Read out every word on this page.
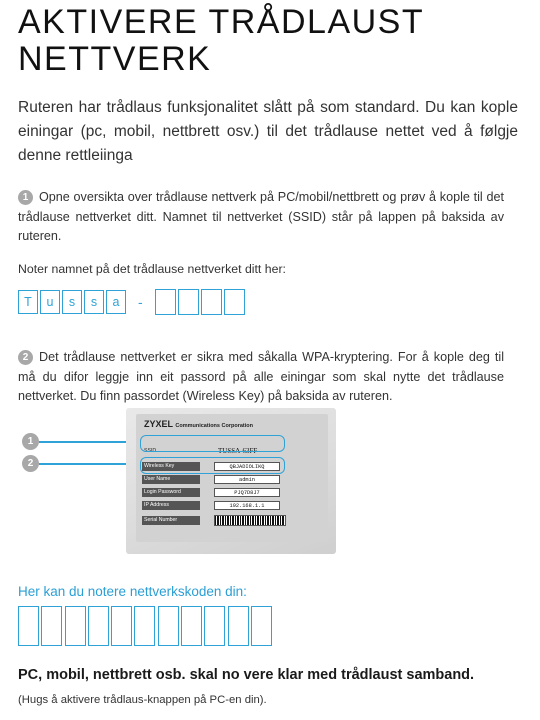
AKTIVERE TRÅDLAUST
NETTVERK

Ruteren har trådlaus funksjonalitet slått på som standard. Du kan kople einingar (pc, mobil, nettbrett osv.) til det trådlause nettet ved å følgje denne rettleiinga

1 Opne oversikta over trådlause nettverk på PC/mobil/nettbrett og prøv å kople til det trådlause nettverket ditt. Namnet til nettverket (SSID) står på lappen på baksida av ruteren.

Noter namnet på det trådlause nettverket ditt her:

T	u	s	s	a	-

2 Det trådlause nettverket er sikra med såkalla WPA-kryptering. For å kople deg til må du difor leggje inn eit passord på alle einingar som skal nytte det trådlause nettverket. Du finn passordet (Wireless Key) på baksida av ruteren.

1
2
ZYXEL Communications Corporation
SSID	TUSSA-63FF
Wireless Key	QBJADIOLIKQ
User Name	admin
Login Password	PJQ7D8J7
IP Address	192.168.1.1
Serial Number

Her kan du notere nettverkskoden din:

PC, mobil, nettbrett osb. skal no vere klar med trådlaust samband.

(Hugs å aktivere trådlaus-knappen på PC-en din).
